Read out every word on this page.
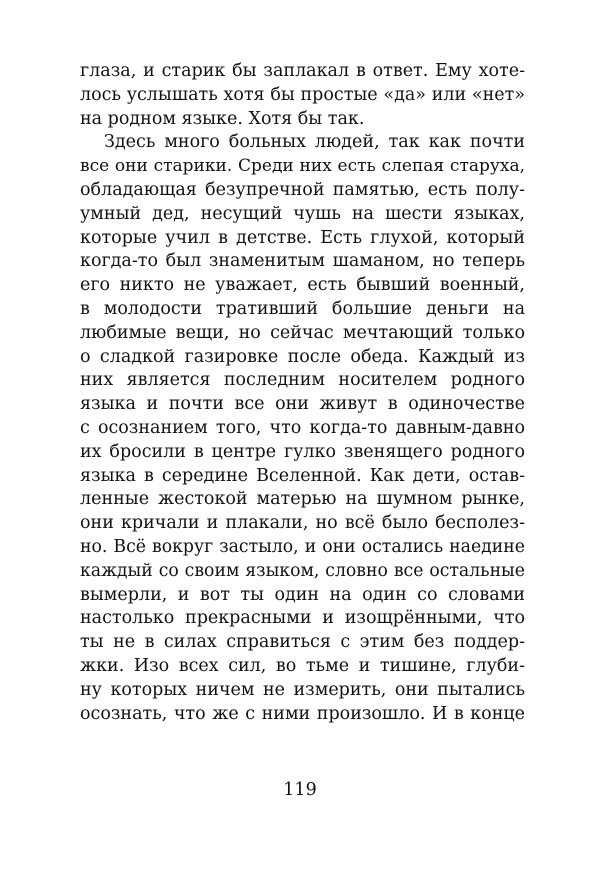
глаза, и старик бы заплакал в ответ. Ему хоте-
лось услышать хотя бы простые «да» или «нет»
на родном языке. Хотя бы так.
Здесь много больных людей, так как почти
все они старики. Среди них есть слепая старуха,
обладающая безупречной памятью, есть полу-
умный дед, несущий чушь на шести языках,
которые учил в детстве. Есть глухой, который
когда-то был знаменитым шаманом, но теперь
его никто не уважает, есть бывший военный,
в молодости тративший большие деньги на
любимые вещи, но сейчас мечтающий только
о сладкой газировке после обеда. Каждый из
них является последним носителем родного
языка и почти все они живут в одиночестве
с осознанием того, что когда-то давным-давно
их бросили в центре гулко звенящего родного
языка в середине Вселенной. Как дети, остав-
ленные жестокой матерью на шумном рынке,
они кричали и плакали, но всё было бесполез-
но. Всё вокруг застыло, и они остались наедине
каждый со своим языком, словно все остальные
вымерли, и вот ты один на один со словами
настолько прекрасными и изощрёнными, что
ты не в силах справиться с этим без поддер-
жки. Изо всех сил, во тьме и тишине, глуби-
ну которых ничем не измерить, они пытались
осознать, что же с ними произошло. И в конце
119
